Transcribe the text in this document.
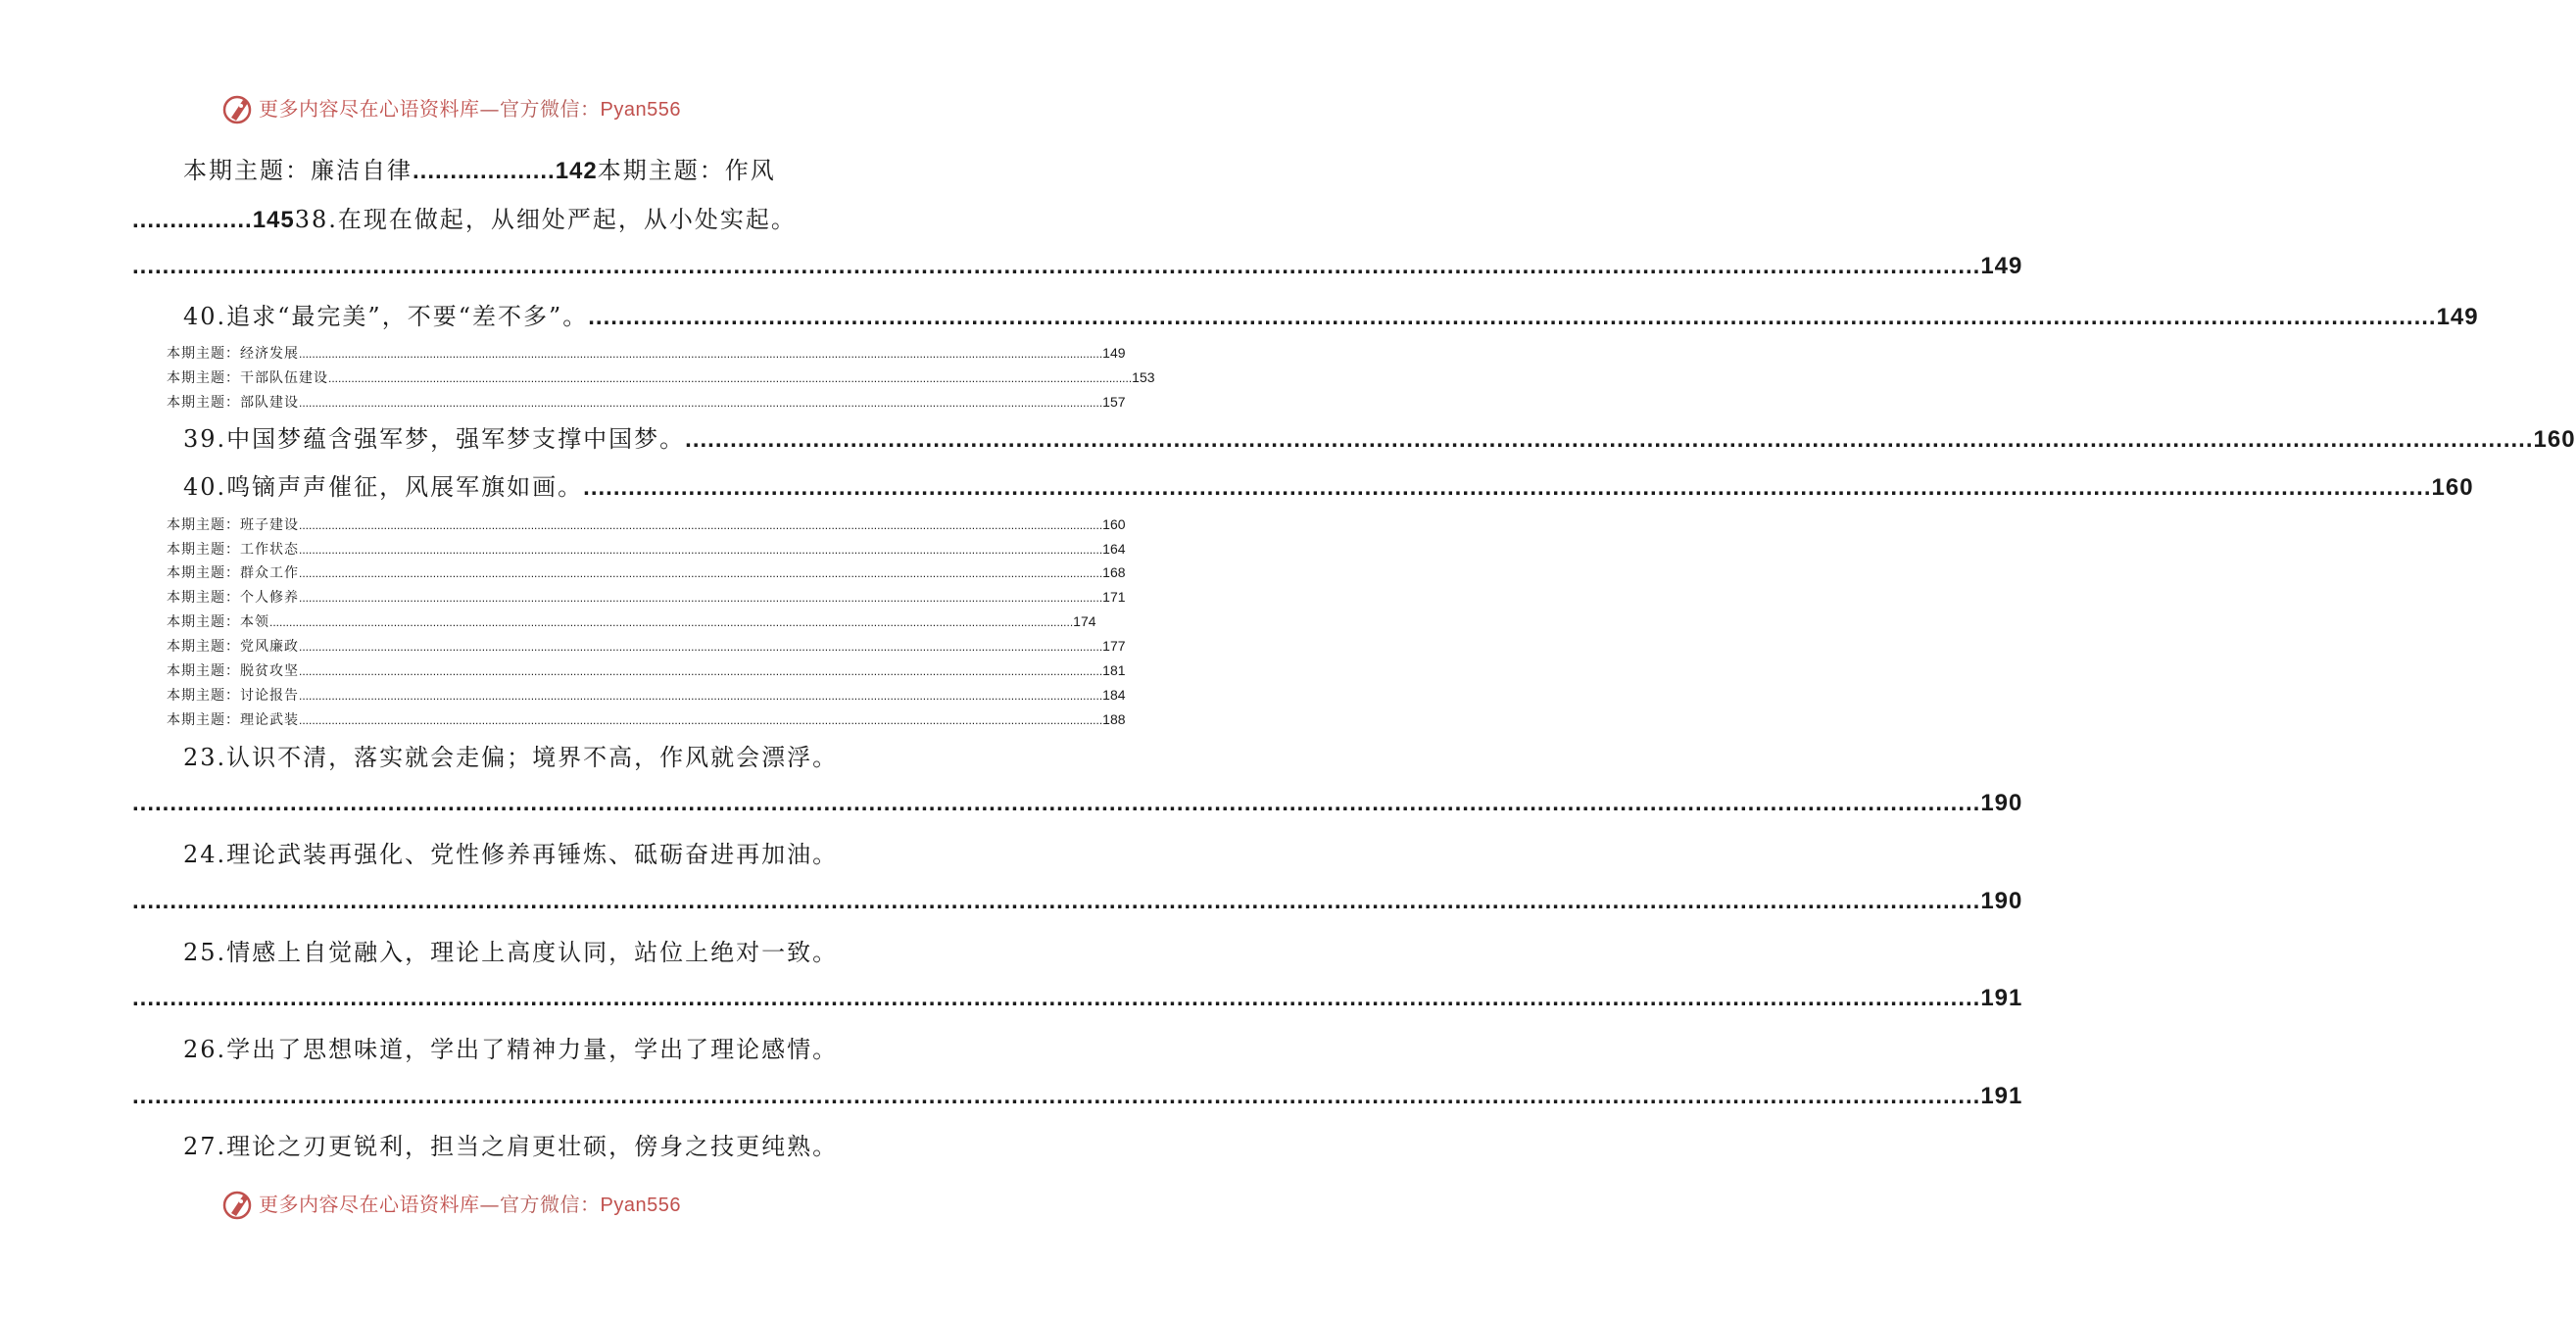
更多内容尽在心语资料库—官方微信：Pyan556
本期主题：廉洁自律...................142本期主题：作风
................14538.在现在做起，从细处严起，从小处实起。
...................................................................................................................................................................................................................................................... 149
40.追求“最完美”，不要“差不多”。 ...................................................................................................................................................................................................................................................... 149
本期主题：经济发展 ...................................................................................................................................................................................................................................................... 149
本期主题：干部队伍建设 ...................................................................................................................................................................................................................................................... 153
本期主题：部队建设 ...................................................................................................................................................................................................................................................... 157
39.中国梦蕴含强军梦，强军梦支撑中国梦。 ...................................................................................................................................................................................................................................................... 160
40.鸣镝声声催征，风展军旗如画。 ...................................................................................................................................................................................................................................................... 160
本期主题：班子建设 ...................................................................................................................................................................................................................................................... 160
本期主题：工作状态 ...................................................................................................................................................................................................................................................... 164
本期主题：群众工作 ...................................................................................................................................................................................................................................................... 168
本期主题：个人修养 ...................................................................................................................................................................................................................................................... 171
本期主题：本领 ...................................................................................................................................................................................................................................................... 174
本期主题：党风廉政 ...................................................................................................................................................................................................................................................... 177
本期主题：脱贫攻坚 ...................................................................................................................................................................................................................................................... 181
本期主题：讨论报告 ...................................................................................................................................................................................................................................................... 184
本期主题：理论武装 ...................................................................................................................................................................................................................................................... 188
23.认识不清，落实就会走偏；境界不高，作风就会漂浮。
...................................................................................................................................................................................................................................................... 190
24.理论武装再强化、党性修养再锤炼、砥砺奋进再加油。
...................................................................................................................................................................................................................................................... 190
25.情感上自觉融入，理论上高度认同，站位上绝对一致。
...................................................................................................................................................................................................................................................... 191
26.学出了思想味道，学出了精神力量，学出了理论感情。
...................................................................................................................................................................................................................................................... 191
27.理论之刃更锐利，担当之肩更壮硕，傍身之技更纯熟。
更多内容尽在心语资料库—官方微信：Pyan556
